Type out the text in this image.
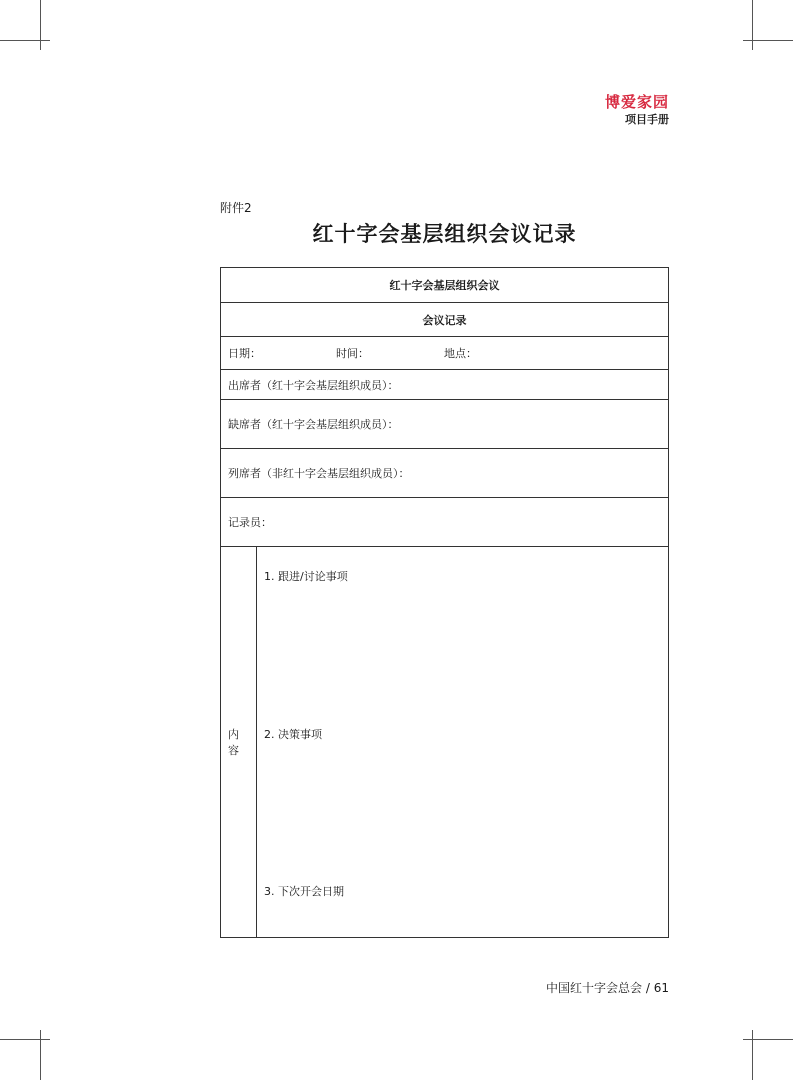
博爱家园
项目手册
附件2
红十字会基层组织会议记录
红十字会基层组织会议
会议记录
日期：	时间：	地点：
出席者（红十字会基层组织成员）：
缺席者（红十字会基层组织成员）：
列席者（非红十字会基层组织成员）：
记录员：
内容	
1. 跟进/讨论事项
2. 决策事项
3. 下次开会日期
中国红十字会总会 / 61
